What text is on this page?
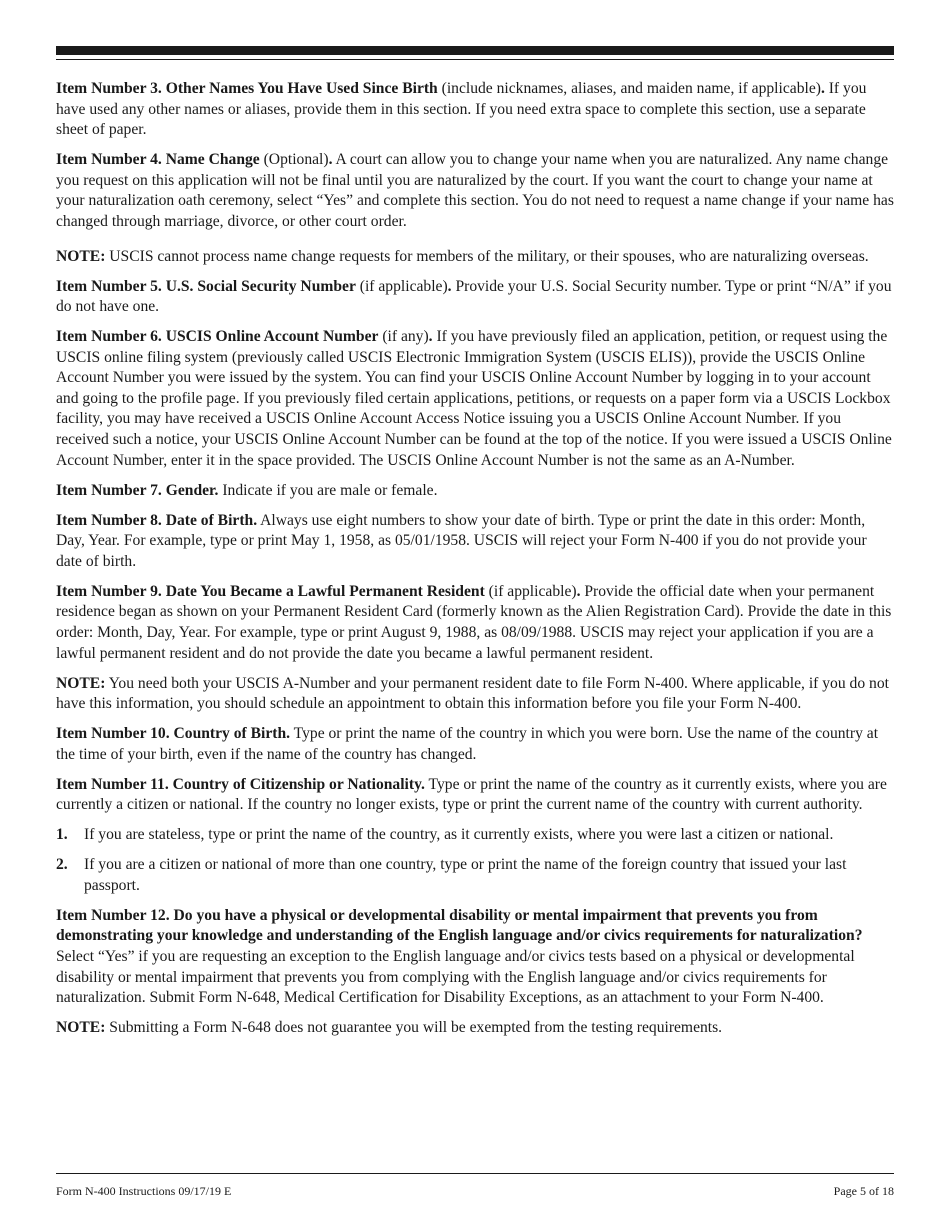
Item Number 3. Other Names You Have Used Since Birth (include nicknames, aliases, and maiden name, if applicable). If you have used any other names or aliases, provide them in this section. If you need extra space to complete this section, use a separate sheet of paper.

Item Number 4. Name Change (Optional). A court can allow you to change your name when you are naturalized. Any name change you request on this application will not be final until you are naturalized by the court. If you want the court to change your name at your naturalization oath ceremony, select “Yes” and complete this section. You do not need to request a name change if your name has changed through marriage, divorce, or other court order.

NOTE: USCIS cannot process name change requests for members of the military, or their spouses, who are naturalizing overseas.

Item Number 5. U.S. Social Security Number (if applicable). Provide your U.S. Social Security number. Type or print “N/A” if you do not have one.

Item Number 6. USCIS Online Account Number (if any). If you have previously filed an application, petition, or request using the USCIS online filing system (previously called USCIS Electronic Immigration System (USCIS ELIS)), provide the USCIS Online Account Number you were issued by the system. You can find your USCIS Online Account Number by logging in to your account and going to the profile page. If you previously filed certain applications, petitions, or requests on a paper form via a USCIS Lockbox facility, you may have received a USCIS Online Account Access Notice issuing you a USCIS Online Account Number. If you received such a notice, your USCIS Online Account Number can be found at the top of the notice. If you were issued a USCIS Online Account Number, enter it in the space provided. The USCIS Online Account Number is not the same as an A-Number.

Item Number 7. Gender. Indicate if you are male or female.

Item Number 8. Date of Birth. Always use eight numbers to show your date of birth. Type or print the date in this order: Month, Day, Year. For example, type or print May 1, 1958, as 05/01/1958. USCIS will reject your Form N-400 if you do not provide your date of birth.

Item Number 9. Date You Became a Lawful Permanent Resident (if applicable). Provide the official date when your permanent residence began as shown on your Permanent Resident Card (formerly known as the Alien Registration Card). Provide the date in this order: Month, Day, Year. For example, type or print August 9, 1988, as 08/09/1988. USCIS may reject your application if you are a lawful permanent resident and do not provide the date you became a lawful permanent resident.

NOTE: You need both your USCIS A-Number and your permanent resident date to file Form N-400. Where applicable, if you do not have this information, you should schedule an appointment to obtain this information before you file your Form N-400.

Item Number 10. Country of Birth. Type or print the name of the country in which you were born. Use the name of the country at the time of your birth, even if the name of the country has changed.

Item Number 11. Country of Citizenship or Nationality. Type or print the name of the country as it currently exists, where you are currently a citizen or national. If the country no longer exists, type or print the current name of the country with current authority.

1. If you are stateless, type or print the name of the country, as it currently exists, where you were last a citizen or national.
2. If you are a citizen or national of more than one country, type or print the name of the foreign country that issued your last passport.

Item Number 12. Do you have a physical or developmental disability or mental impairment that prevents you from demonstrating your knowledge and understanding of the English language and/or civics requirements for naturalization? Select “Yes” if you are requesting an exception to the English language and/or civics tests based on a physical or developmental disability or mental impairment that prevents you from complying with the English language and/or civics requirements for naturalization. Submit Form N-648, Medical Certification for Disability Exceptions, as an attachment to your Form N-400.

NOTE: Submitting a Form N-648 does not guarantee you will be exempted from the testing requirements.

Form N-400 Instructions 09/17/19 E	Page 5 of 18
